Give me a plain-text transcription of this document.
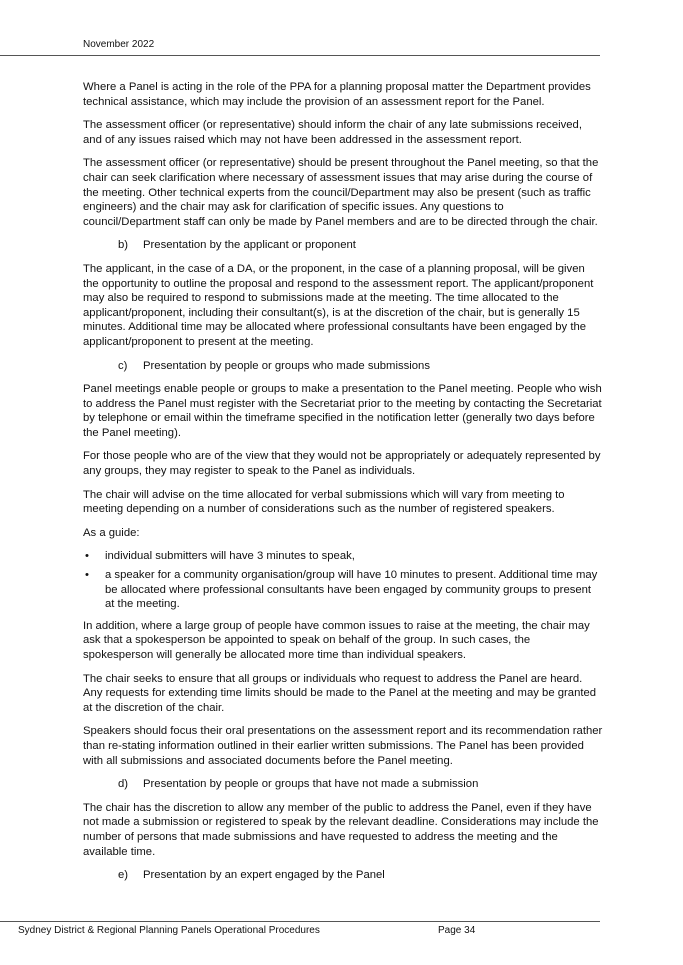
November 2022

Where a Panel is acting in the role of the PPA for a planning proposal matter the Department provides technical assistance, which may include the provision of an assessment report for the Panel.

The assessment officer (or representative) should inform the chair of any late submissions received, and of any issues raised which may not have been addressed in the assessment report.

The assessment officer (or representative) should be present throughout the Panel meeting, so that the chair can seek clarification where necessary of assessment issues that may arise during the course of the meeting. Other technical experts from the council/Department may also be present (such as traffic engineers) and the chair may ask for clarification of specific issues. Any questions to council/Department staff can only be made by Panel members and are to be directed through the chair.

b)	Presentation by the applicant or proponent

The applicant, in the case of a DA, or the proponent, in the case of a planning proposal, will be given the opportunity to outline the proposal and respond to the assessment report. The applicant/proponent may also be required to respond to submissions made at the meeting. The time allocated to the applicant/proponent, including their consultant(s), is at the discretion of the chair, but is generally 15 minutes. Additional time may be allocated where professional consultants have been engaged by the applicant/proponent to present at the meeting.

c)	Presentation by people or groups who made submissions

Panel meetings enable people or groups to make a presentation to the Panel meeting. People who wish to address the Panel must register with the Secretariat prior to the meeting by contacting the Secretariat by telephone or email within the timeframe specified in the notification letter (generally two days before the Panel meeting).

For those people who are of the view that they would not be appropriately or adequately represented by any groups, they may register to speak to the Panel as individuals.

The chair will advise on the time allocated for verbal submissions which will vary from meeting to meeting depending on a number of considerations such as the number of registered speakers.

As a guide:

•	individual submitters will have 3 minutes to speak,
•	a speaker for a community organisation/group will have 10 minutes to present. Additional time may be allocated where professional consultants have been engaged by community groups to present at the meeting.

In addition, where a large group of people have common issues to raise at the meeting, the chair may ask that a spokesperson be appointed to speak on behalf of the group. In such cases, the spokesperson will generally be allocated more time than individual speakers.

The chair seeks to ensure that all groups or individuals who request to address the Panel are heard. Any requests for extending time limits should be made to the Panel at the meeting and may be granted at the discretion of the chair.

Speakers should focus their oral presentations on the assessment report and its recommendation rather than re-stating information outlined in their earlier written submissions. The Panel has been provided with all submissions and associated documents before the Panel meeting.

d)	Presentation by people or groups that have not made a submission

The chair has the discretion to allow any member of the public to address the Panel, even if they have not made a submission or registered to speak by the relevant deadline. Considerations may include the number of persons that made submissions and have requested to address the meeting and the available time.

e)	Presentation by an expert engaged by the Panel
Sydney District & Regional Planning Panels Operational Procedures	Page 34
